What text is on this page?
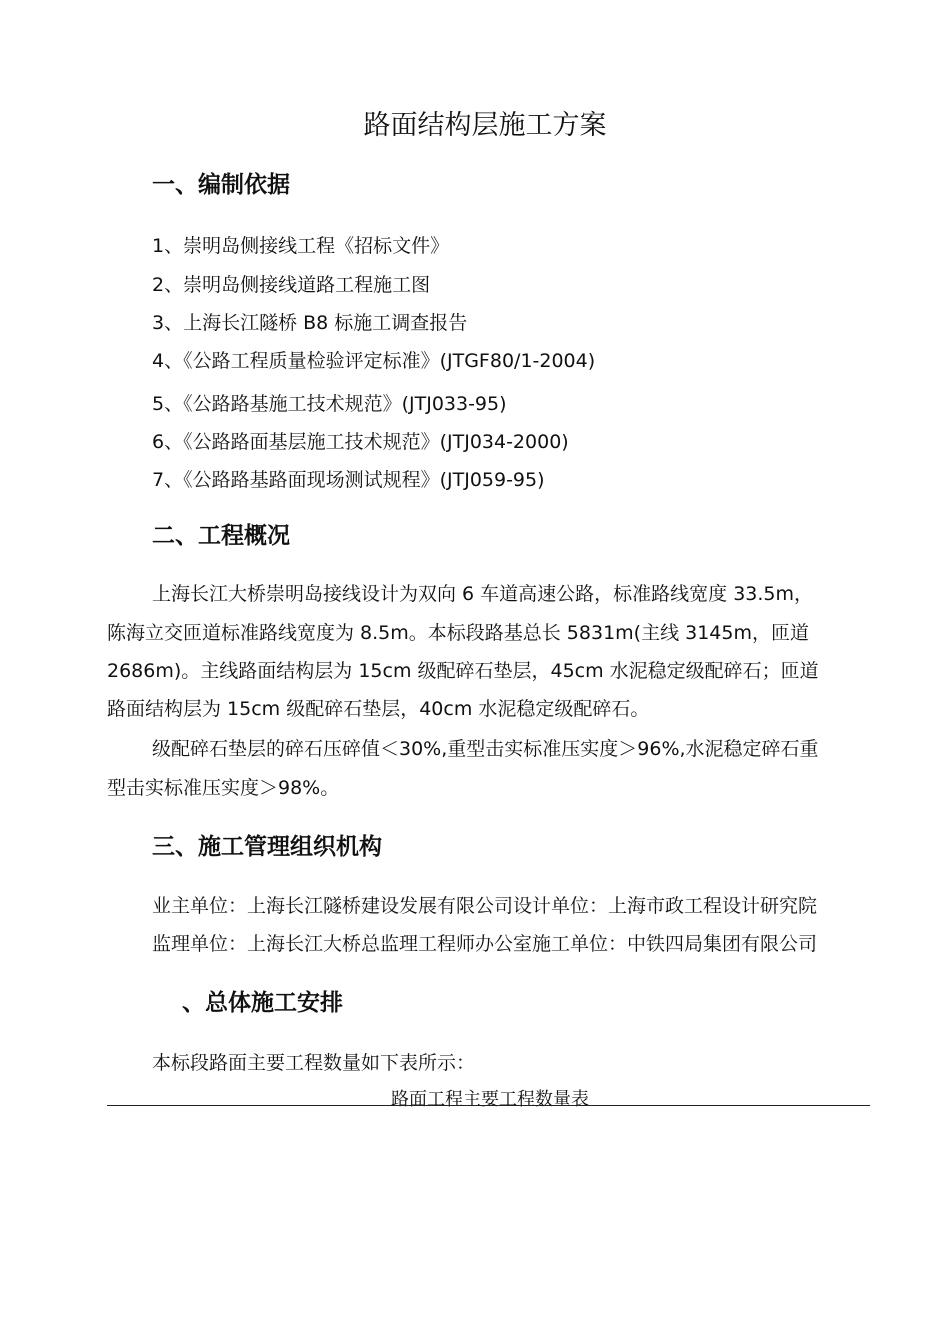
路面结构层施工方案
一、编制依据
1、崇明岛侧接线工程《招标文件》
2、崇明岛侧接线道路工程施工图
3、上海长江隧桥 B8 标施工调查报告
4、《公路工程质量检验评定标准》(JTGF80/1-2004)
5、《公路路基施工技术规范》(JTJ033-95)
6、《公路路面基层施工技术规范》(JTJ034-2000)
7、《公路路基路面现场测试规程》(JTJ059-95)
二、工程概况
上海长江大桥崇明岛接线设计为双向 6 车道高速公路，标准路线宽度 33.5m，
陈海立交匝道标准路线宽度为 8.5m。本标段路基总长 5831m(主线 3145m，匝道
2686m)。主线路面结构层为 15cm 级配碎石垫层，45cm 水泥稳定级配碎石；匝道
路面结构层为 15cm 级配碎石垫层，40cm 水泥稳定级配碎石。
级配碎石垫层的碎石压碎值＜30%,重型击实标准压实度＞96%,水泥稳定碎石重
型击实标准压实度＞98%。
三、施工管理组织机构
业主单位：上海长江隧桥建设发展有限公司设计单位：上海市政工程设计研究院
监理单位：上海长江大桥总监理工程师办公室施工单位：中铁四局集团有限公司
、总体施工安排
本标段路面主要工程数量如下表所示：
路面工程主要工程数量表
